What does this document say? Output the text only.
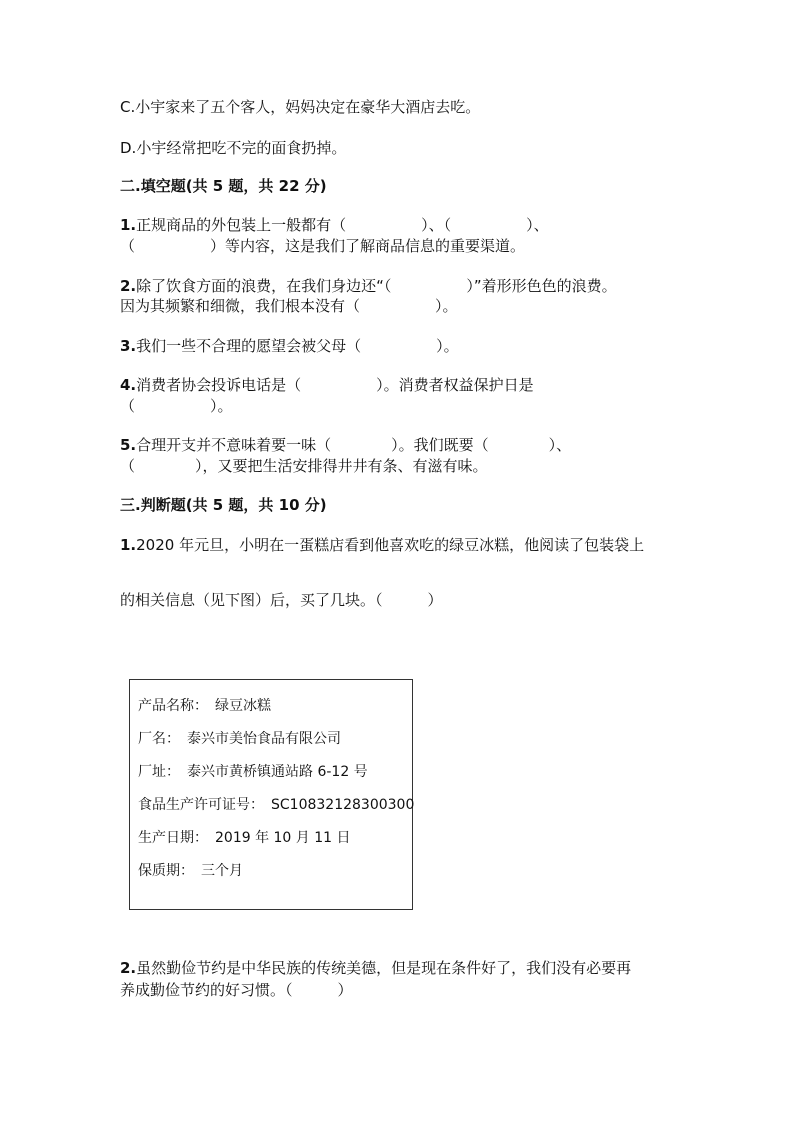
C.小宇家来了五个客人，妈妈决定在豪华大酒店去吃。
D.小宇经常把吃不完的面食扔掉。
二.填空题(共 5 题，共 22 分)
1.正规商品的外包装上一般都有（　　　　　）、（　　　　　）、
（　　　　　）等内容，这是我们了解商品信息的重要渠道。
2.除了饮食方面的浪费，在我们身边还“（　　　　　）”着形形色色的浪费。
因为其频繁和细微，我们根本没有（　　　　　）。
3.我们一些不合理的愿望会被父母（　　　　　）。
4.消费者协会投诉电话是（　　　　　）。消费者权益保护日是
（　　　　　）。
5.合理开支并不意味着要一味（　　　　）。我们既要（　　　　）、
（　　　　），又要把生活安排得井井有条、有滋有味。
三.判断题(共 5 题，共 10 分)
1.2020 年元旦，小明在一蛋糕店看到他喜欢吃的绿豆冰糕，他阅读了包装袋上
的相关信息（见下图）后，买了几块。（　　　）
产品名称：　绿豆冰糕
厂名：　泰兴市美怡食品有限公司
厂址：　泰兴市黄桥镇通站路 6-12 号
食品生产许可证号：　SC10832128300300
生产日期：　2019 年 10 月 11 日
保质期：　三个月
2.虽然勤俭节约是中华民族的传统美德，但是现在条件好了，我们没有必要再
养成勤俭节约的好习惯。（　　　）
